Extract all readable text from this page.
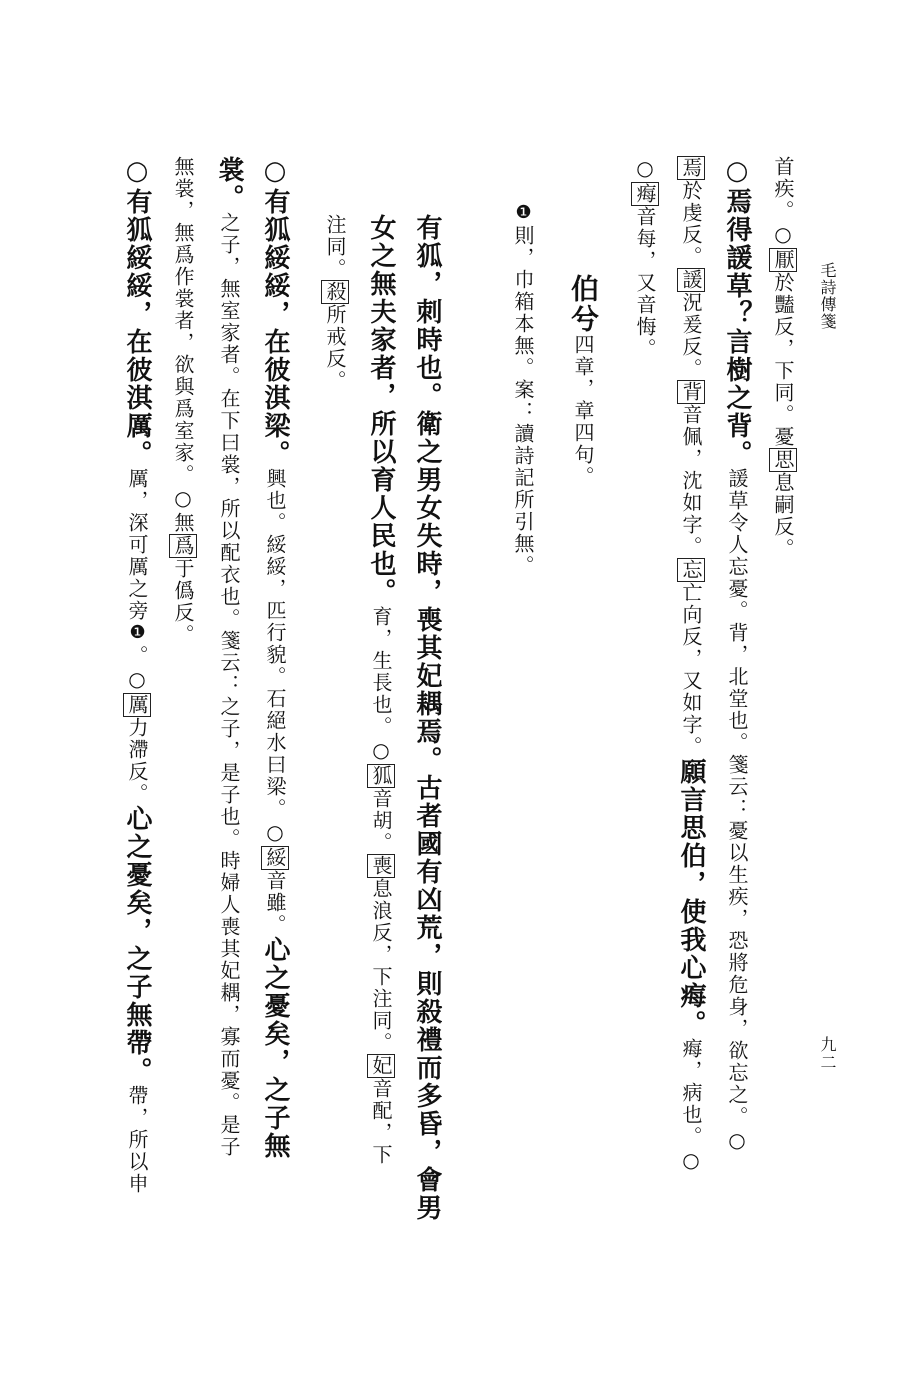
毛詩傳箋
九二
首疾。○厭於豔反，下同。憂思息嗣反。
○焉得諼草？言樹之背。諼草令人忘憂。背，北堂也。箋云：憂以生疾，恐將危身，欲忘之。○
焉於虔反。諼況爰反。背音佩，沈如字。忘亡向反，又如字。願言思伯，使我心痗。痗，病也。○
○痗音每，又音悔。
伯兮四章，章四句。
❶則，巾箱本無。案：讀詩記所引無。
有狐，刺時也。衛之男女失時，喪其妃耦焉。古者國有凶荒，則殺禮而多昏，會男
女之無夫家者，所以育人民也。育，生長也。○狐音胡。喪息浪反，下注同。妃音配，下
注同。殺所戒反。
○有狐綏綏，在彼淇梁。興也。綏綏，匹行貌。石絕水曰梁。○綏音雖。心之憂矣，之子無
裳。之子，無室家者。在下曰裳，所以配衣也。箋云：之子，是子也。時婦人喪其妃耦，寡而憂。是子
無裳，無爲作裳者，欲與爲室家。○無爲于僞反。
○有狐綏綏，在彼淇厲。厲，深可厲之旁❶。○厲力滯反。心之憂矣，之子無帶。帶，所以申
